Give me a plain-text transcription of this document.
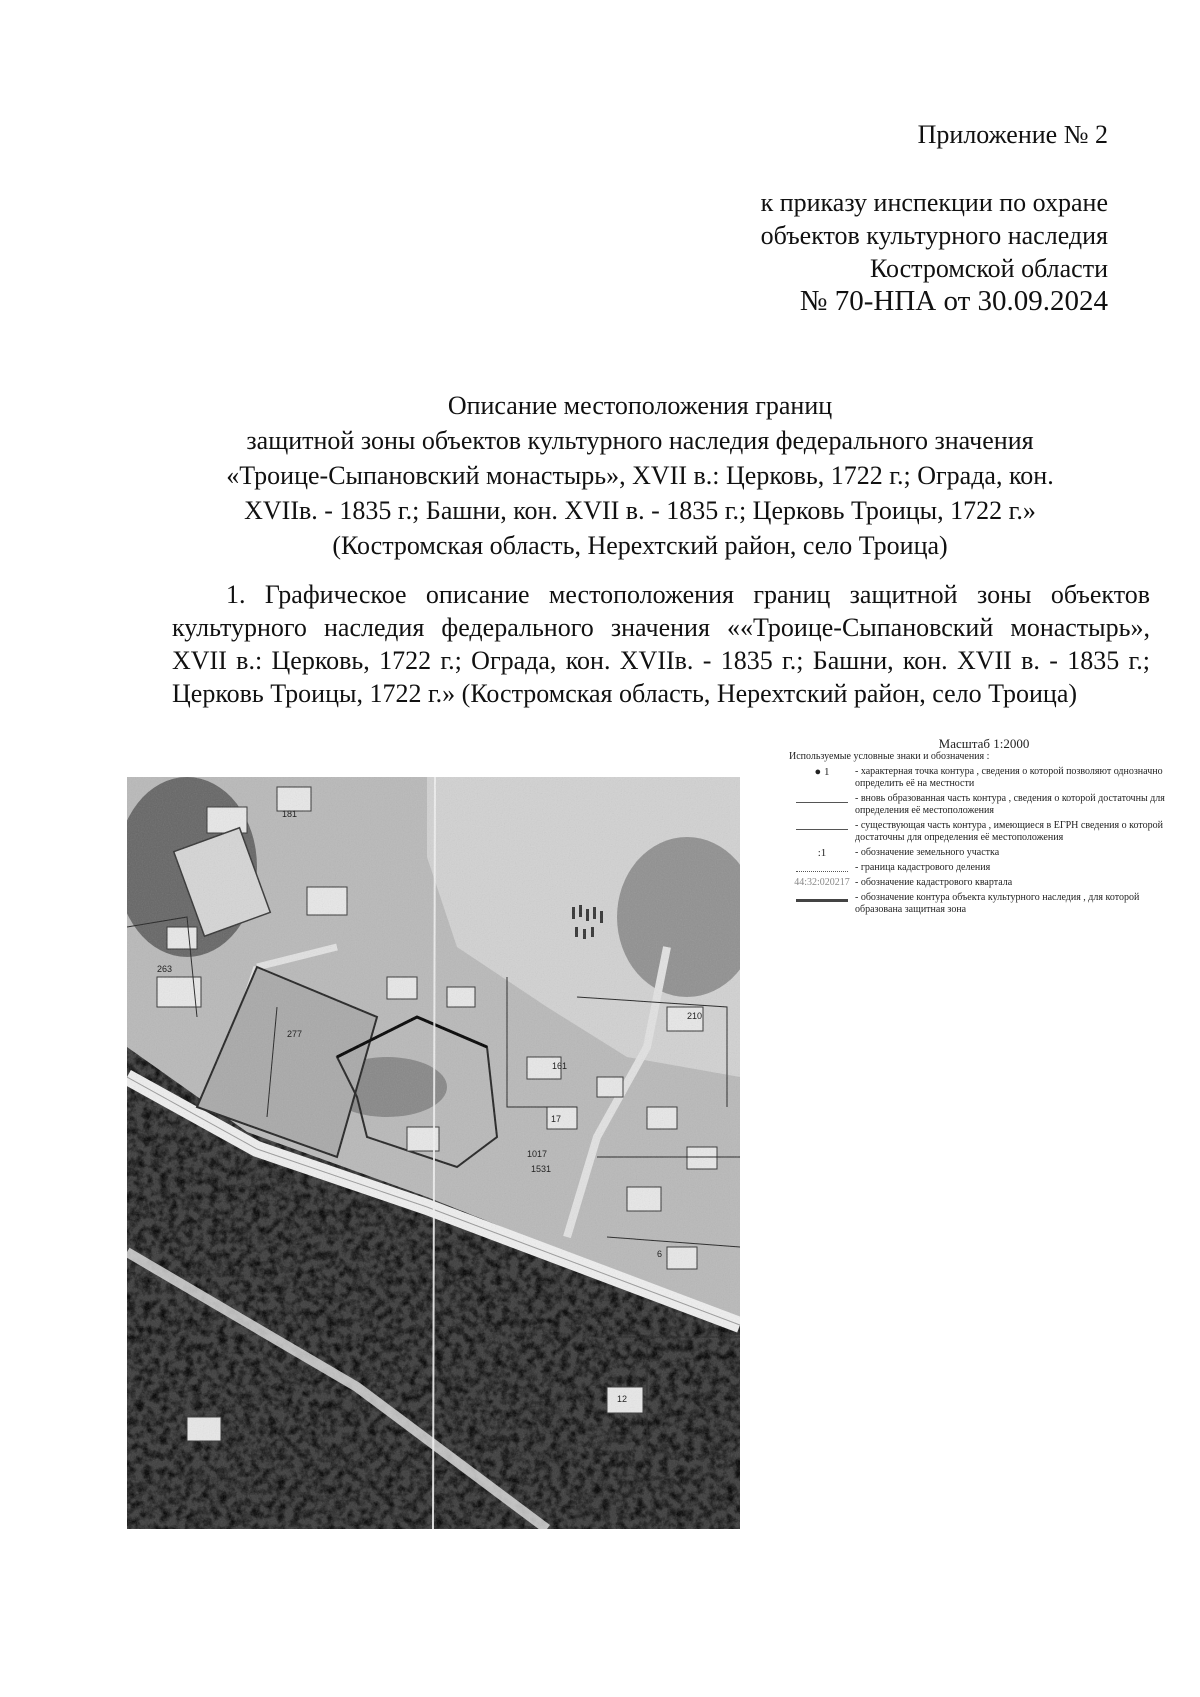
Приложение № 2
к приказу инспекции по охране
объектов культурного наследия
Костромской области
№ 70-НПА от 30.09.2024
Описание местоположения границ
защитной зоны объектов культурного наследия федерального значения
«Троице-Сыпановский монастырь», XVII в.: Церковь, 1722 г.; Ограда, кон.
XVIIв. - 1835 г.; Башни, кон. XVII в. - 1835 г.; Церковь Троицы, 1722 г.»
(Костромская область, Нерехтский район, село Троица)
1. Графическое описание местоположения границ защитной зоны объектов культурного наследия федерального значения ««Троице-Сыпановский монастырь», XVII в.: Церковь, 1722 г.; Ограда, кон. XVIIв. - 1835 г.; Башни, кон. XVII в. - 1835 г.; Церковь Троицы, 1722 г.» (Костромская область, Нерехтский район, село Троица)
181
263
277
161
17
1017
1531
210
6
12
Масштаб 1:2000
Используемые условные знаки и обозначения :
● 1	- характерная точка контура , сведения о которой позволяют однозначно определить её на местности
- вновь образованная часть контура , сведения о которой достаточны для определения её местоположения
- существующая часть контура , имеющиеся в ЕГРН сведения о которой достаточны для определения её местоположения
:1	- обозначение земельного участка
- граница кадастрового деления
44:32:020217 - обозначение кадастрового квартала
- обозначение контура объекта культурного наследия , для которой образована защитная зона
